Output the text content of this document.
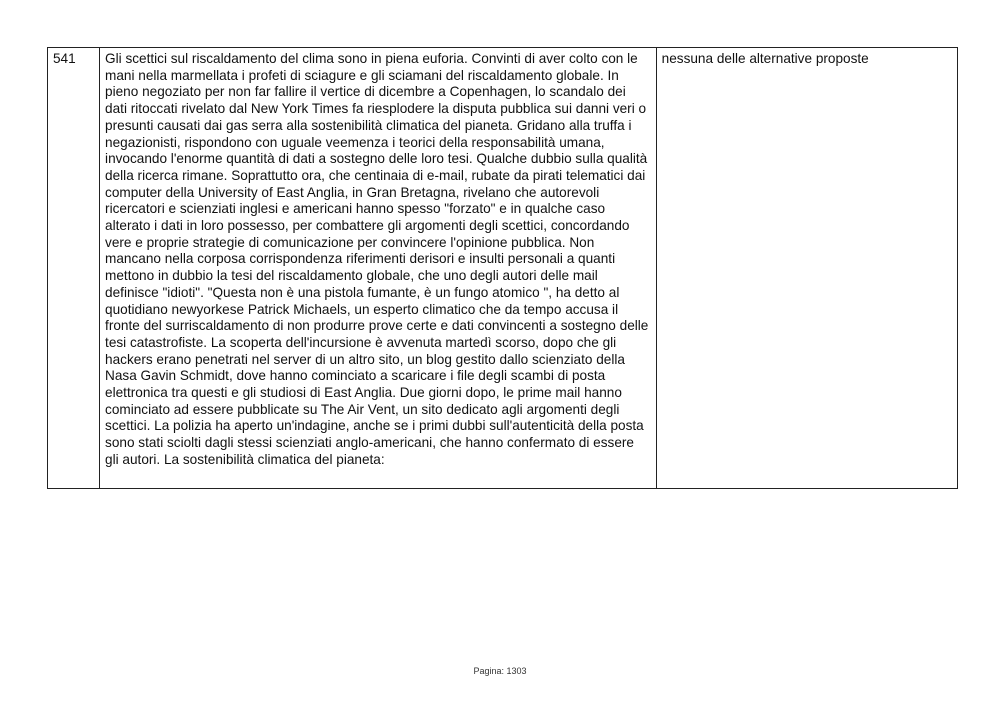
541	Gli scettici sul riscaldamento del clima sono in piena euforia. Convinti di aver colto con le mani nella marmellata i profeti di sciagure e gli sciamani del riscaldamento globale. In pieno negoziato per non far fallire il vertice di dicembre a Copenhagen, lo scandalo dei dati ritoccati rivelato dal New York Times fa riesplodere la disputa pubblica sui danni veri o presunti causati dai gas serra alla sostenibilità climatica del pianeta. Gridano alla truffa i negazionisti, rispondono con uguale veemenza i teorici della responsabilità umana, invocando l'enorme quantità di dati a sostegno delle loro tesi. Qualche dubbio sulla qualità della ricerca rimane. Soprattutto ora, che centinaia di e-mail, rubate da pirati telematici dai computer della University of East Anglia, in Gran Bretagna, rivelano che autorevoli ricercatori e scienziati inglesi e americani hanno spesso "forzato" e in qualche caso alterato i dati in loro possesso, per combattere gli argomenti degli scettici, concordando vere e proprie strategie di comunicazione per convincere l'opinione pubblica. Non mancano nella corposa corrispondenza riferimenti derisori e insulti personali a quanti mettono in dubbio la tesi del riscaldamento globale, che uno degli autori delle mail definisce "idioti". "Questa non è una pistola fumante, è un fungo atomico ", ha detto al quotidiano newyorkese Patrick Michaels, un esperto climatico che da tempo accusa il fronte del surriscaldamento di non produrre prove certe e dati convincenti a sostegno delle tesi catastrofiste. La scoperta dell'incursione è avvenuta martedì scorso, dopo che gli hackers erano penetrati nel server di un altro sito, un blog gestito dallo scienziato della Nasa Gavin Schmidt, dove hanno cominciato a scaricare i file degli scambi di posta elettronica tra questi e gli studiosi di East Anglia. Due giorni dopo, le prime mail hanno cominciato ad essere pubblicate su The Air Vent, un sito dedicato agli argomenti degli scettici. La polizia ha aperto un'indagine, anche se i primi dubbi sull'autenticità della posta sono stati sciolti dagli stessi scienziati anglo-americani, che hanno confermato di essere gli autori. La sostenibilità climatica del pianeta:	nessuna delle alternative proposte
Pagina: 1303
